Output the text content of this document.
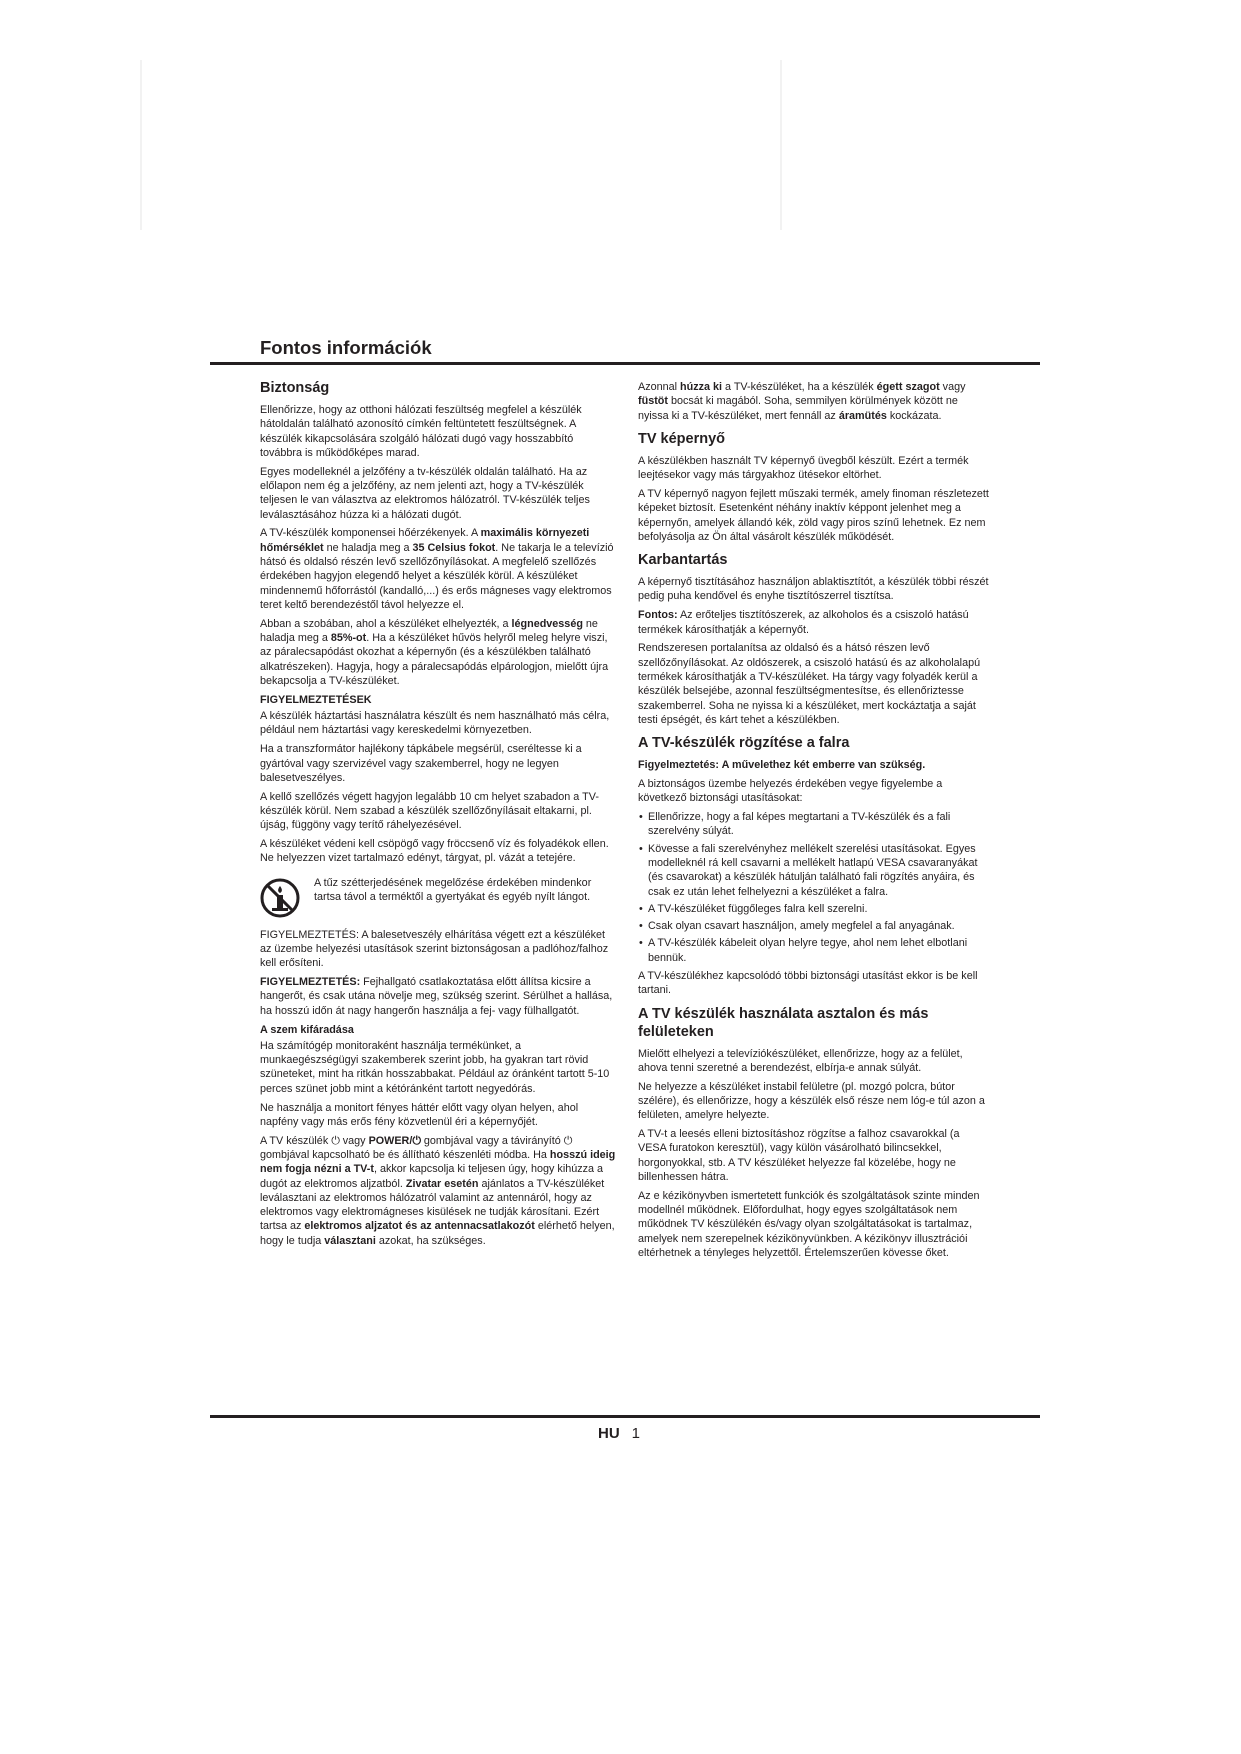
Fontos információk
Biztonság

Ellenőrizze, hogy az otthoni hálózati feszültség megfelel a készülék hátoldalán található azonosító címkén feltüntetett feszültségnek. A készülék kikapcsolására szolgáló hálózati dugó vagy hosszabbító továbbra is működőképes marad.

Egyes modelleknél a jelzőfény a tv-készülék oldalán található. Ha az előlapon nem ég a jelzőfény, az nem jelenti azt, hogy a TV-készülék teljesen le van választva az elektromos hálózatról. TV-készülék teljes leválasztásához húzza ki a hálózati dugót.

A TV-készülék komponensei hőérzékenyek. A maximális környezeti hőmérséklet ne haladja meg a 35 Celsius fokot. Ne takarja le a televízió hátsó és oldalsó részén levő szellőzőnyílásokat. A megfelelő szellőzés érdekében hagyjon elegendő helyet a készülék körül. A készüléket mindennemű hőforrástól (kandalló,...) és erős mágneses vagy elektromos teret keltő berendezéstől távol helyezze el.

Abban a szobában, ahol a készüléket elhelyezték, a légnedvesség ne haladja meg a 85%-ot. Ha a készüléket hűvös helyről meleg helyre viszi, az páralecsapódást okozhat a képernyőn (és a készülékben található alkatrészeken). Hagyja, hogy a páralecsapódás elpárologjon, mielőtt újra bekapcsolja a TV-készüléket.

FIGYELMEZTETÉSEK

A készülék háztartási használatra készült és nem használható más célra, például nem háztartási vagy kereskedelmi környezetben.

Ha a transzformátor hajlékony tápkábele megsérül, cseréltesse ki a gyártóval vagy szervizével vagy szakemberrel, hogy ne legyen balesetveszélyes.

A kellő szellőzés végett hagyjon legalább 10 cm helyet szabadon a TV-készülék körül. Nem szabad a készülék szellőzőnyílásait eltakarni, pl. újság, függöny vagy terítő ráhelyezésével.

A készüléket védeni kell csöpögő vagy fröccsenő víz és folyadékok ellen. Ne helyezzen vizet tartalmazó edényt, tárgyat, pl. vázát a tetejére.

A tűz szétterjedésének megelőzése érdekében mindenkor tartsa távol a terméktől a gyertyákat és egyéb nyílt lángot.

FIGYELMEZTETÉS: A balesetveszély elhárítása végett ezt a készüléket az üzembe helyezési utasítások szerint biztonságosan a padlóhoz/falhoz kell erősíteni.

FIGYELMEZTETÉS: Fejhallgató csatlakoztatása előtt állítsa kicsire a hangerőt, és csak utána növelje meg, szükség szerint. Sérülhet a hallása, ha hosszú időn át nagy hangerőn használja a fej- vagy fülhallgatót.

A szem kifáradása

Ha számítógép monitoraként használja termékünket, a munkaegészségügyi szakemberek szerint jobb, ha gyakran tart rövid szüneteket, mint ha ritkán hosszabbakat. Például az óránként tartott 5-10 perces szünet jobb mint a kétóránként tartott negyedórás.

Ne használja a monitort fényes háttér előtt vagy olyan helyen, ahol napfény vagy más erős fény közvetlenül éri a képernyőjét.

A TV készülék ⏻ vagy POWER/⏻ gombjával vagy a távirányító ⏻ gombjával kapcsolható be és állítható készenléti módba. Ha hosszú ideig nem fogja nézni a TV-t, akkor kapcsolja ki teljesen úgy, hogy kihúzza a dugót az elektromos aljzatból. Zivatar esetén ajánlatos a TV-készüléket leválasztani az elektromos hálózatról valamint az antennáról, hogy az elektromos vagy elektromágneses kisülések ne tudják károsítani. Ezért tartsa az elektromos aljzatot és az antennacsatlakozót elérhető helyen, hogy le tudja választani azokat, ha szükséges.

Azonnal húzza ki a TV-készüléket, ha a készülék égett szagot vagy füstöt bocsát ki magából. Soha, semmilyen körülmények között ne nyissa ki a TV-készüléket, mert fennáll az áramütés kockázata.

TV képernyő

A készülékben használt TV képernyő üvegből készült. Ezért a termék leejtésekor vagy más tárgyakhoz ütésekor eltörhet.

A TV képernyő nagyon fejlett műszaki termék, amely finoman részletezett képeket biztosít. Esetenként néhány inaktív képpont jelenhet meg a képernyőn, amelyek állandó kék, zöld vagy piros színű lehetnek. Ez nem befolyásolja az Ön által vásárolt készülék működését.

Karbantartás

A képernyő tisztításához használjon ablaktisztítót, a készülék többi részét pedig puha kendővel és enyhe tisztítószerrel tisztítsa.

Fontos: Az erőteljes tisztítószerek, az alkoholos és a csiszoló hatású termékek károsíthatják a képernyőt.

Rendszeresen portalanítsa az oldalsó és a hátsó részen levő szellőzőnyílásokat. Az oldószerek, a csiszoló hatású és az alkoholalapú termékek károsíthatják a TV-készüléket. Ha tárgy vagy folyadék kerül a készülék belsejébe, azonnal feszültségmentesítse, és ellenőriztesse szakemberrel. Soha ne nyissa ki a készüléket, mert kockáztatja a saját testi épségét, és kárt tehet a készülékben.

A TV-készülék rögzítése a falra

Figyelmeztetés: A művelethez két emberre van szükség.

A biztonságos üzembe helyezés érdekében vegye figyelembe a következő biztonsági utasításokat:

• Ellenőrizze, hogy a fal képes megtartani a TV-készülék és a fali szerelvény súlyát.
• Kövesse a fali szerelvényhez mellékelt szerelési utasításokat. Egyes modelleknél rá kell csavarni a mellékelt hatlapú VESA csavaranyákat (és csavarokat) a készülék hátulján található fali rögzítés anyáira, és csak ez után lehet felhelyezni a készüléket a falra.
• A TV-készüléket függőleges falra kell szerelni.
• Csak olyan csavart használjon, amely megfelel a fal anyagának.
• A TV-készülék kábeleit olyan helyre tegye, ahol nem lehet elbotlani bennük.

A TV-készülékhez kapcsolódó többi biztonsági utasítást ekkor is be kell tartani.

A TV készülék használata asztalon és más felületeken

Mielőtt elhelyezi a televíziókészüléket, ellenőrizze, hogy az a felület, ahova tenni szeretné a berendezést, elbírja-e annak súlyát.

Ne helyezze a készüléket instabil felületre (pl. mozgó polcra, bútor szélére), és ellenőrizze, hogy a készülék első része nem lóg-e túl azon a felületen, amelyre helyezte.

A TV-t a leesés elleni biztosításhoz rögzítse a falhoz csavarokkal (a VESA furatokon keresztül), vagy külön vásárolható bilincsekkel, horgonyokkal, stb. A TV készüléket helyezze fal közelébe, hogy ne billenhessen hátra.

Az e kézikönyvben ismertetett funkciók és szolgáltatások szinte minden modellnél működnek. Előfordulhat, hogy egyes szolgáltatások nem működnek TV készülékén és/vagy olyan szolgáltatásokat is tartalmaz, amelyek nem szerepelnek kézikönyvünkben. A kézikönyv illusztrációi eltérhetnek a tényleges helyzettől. Értelemszerűen kövesse őket.

HU 1
